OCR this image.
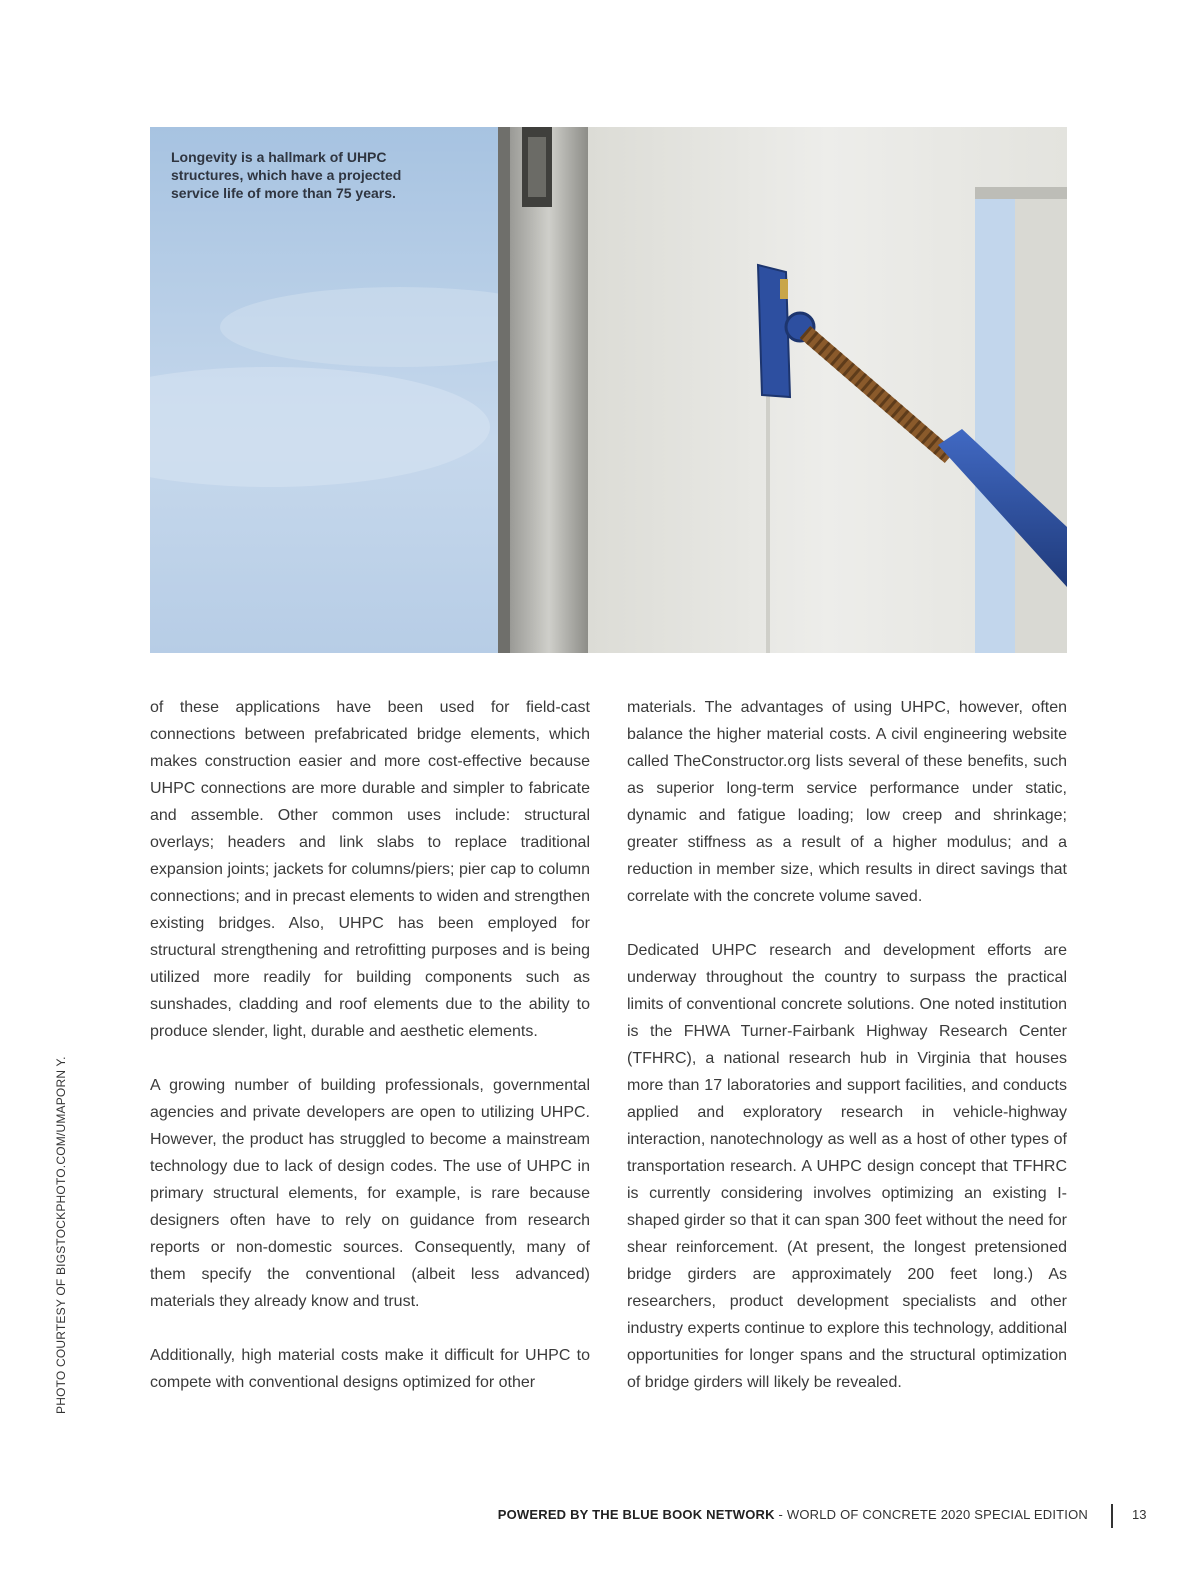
Longevity is a hallmark of UHPC structures, which have a projected service life of more than 75 years.
PHOTO COURTESY OF BIGSTOCKPHOTO.COM/UMAPORN Y.

of these applications have been used for field-cast connections between prefabricated bridge elements, which makes construction easier and more cost-effective because UHPC connections are more durable and simpler to fabricate and assemble. Other common uses include: structural overlays; headers and link slabs to replace traditional expansion joints; jackets for columns/piers; pier cap to column connections; and in precast elements to widen and strengthen existing bridges. Also, UHPC has been employed for structural strengthening and retrofitting purposes and is being utilized more readily for building components such as sunshades, cladding and roof elements due to the ability to produce slender, light, durable and aesthetic elements.

A growing number of building professionals, governmental agencies and private developers are open to utilizing UHPC. However, the product has struggled to become a mainstream technology due to lack of design codes. The use of UHPC in primary structural elements, for example, is rare because designers often have to rely on guidance from research reports or non-domestic sources. Consequently, many of them specify the conventional (albeit less advanced) materials they already know and trust.

Additionally, high material costs make it difficult for UHPC to compete with conventional designs optimized for other

materials. The advantages of using UHPC, however, often balance the higher material costs. A civil engineering website called TheConstructor.org lists several of these benefits, such as superior long-term service performance under static, dynamic and fatigue loading; low creep and shrinkage; greater stiffness as a result of a higher modulus; and a reduction in member size, which results in direct savings that correlate with the concrete volume saved.

Dedicated UHPC research and development efforts are underway throughout the country to surpass the practical limits of conventional concrete solutions. One noted institution is the FHWA Turner-Fairbank Highway Research Center (TFHRC), a national research hub in Virginia that houses more than 17 laboratories and support facilities, and conducts applied and exploratory research in vehicle-highway interaction, nanotechnology as well as a host of other types of transportation research. A UHPC design concept that TFHRC is currently considering involves optimizing an existing I-shaped girder so that it can span 300 feet without the need for shear reinforcement. (At present, the longest pretensioned bridge girders are approximately 200 feet long.) As researchers, product development specialists and other industry experts continue to explore this technology, additional opportunities for longer spans and the structural optimization of bridge girders will likely be revealed.

POWERED BY THE BLUE BOOK NETWORK - WORLD OF CONCRETE 2020 SPECIAL EDITION	13
